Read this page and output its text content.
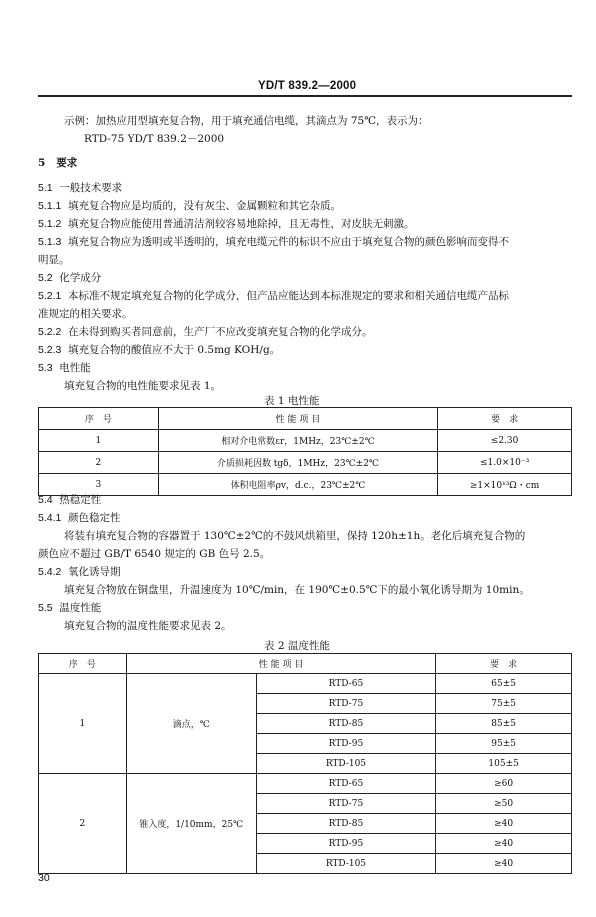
YD/T 839.2—2000
示例：加热应用型填充复合物，用于填充通信电缆，其滴点为 75℃，表示为：
RTD-75 YD/T 839.2－2000
5 要求
5.1 一般技术要求
5.1.1 填充复合物应是均质的，没有灰尘、金属颗粒和其它杂质。
5.1.2 填充复合物应能使用普通清洁剂较容易地除掉，且无毒性，对皮肤无刺激。
5.1.3 填充复合物应为透明或半透明的，填充电缆元件的标识不应由于填充复合物的颜色影响而变得不
明显。
5.2 化学成分
5.2.1 本标准不规定填充复合物的化学成分，但产品应能达到本标准规定的要求和相关通信电缆产品标
准规定的相关要求。
5.2.2 在未得到购买者同意前，生产厂不应改变填充复合物的化学成分。
5.2.3 填充复合物的酸值应不大于 0.5mg KOH/g。
5.3 电性能
填充复合物的电性能要求见表 1。
表 1 电性能
序　号	性 能 项 目	要　求
1	相对介电常数εr，1MHz，23℃±2℃	≤2.30
2	介质损耗因数 tgδ，1MHz，23℃±2℃	≤1.0×10⁻³
3	体积电阻率ρv，d.c.，23℃±2℃	≥1×10¹³Ω・cm
5.4 热稳定性
5.4.1 颜色稳定性
将装有填充复合物的容器置于 130℃±2℃的不鼓风烘箱里，保持 120h±1h。老化后填充复合物的
颜色应不超过 GB/T 6540 规定的 GB 色号 2.5。
5.4.2 氧化诱导期
填充复合物放在铜盘里，升温速度为 10℃/min，在 190℃±0.5℃下的最小氧化诱导期为 10min。
5.5 温度性能
填充复合物的温度性能要求见表 2。
表 2 温度性能
序　号	性 能 项 目		要　求
1	滴点，℃	RTD-65	65±5
		RTD-75	75±5
		RTD-85	85±5
		RTD-95	95±5
		RTD-105	105±5
2	锥入度，1/10mm，25℃	RTD-65	≥60
		RTD-75	≥50
		RTD-85	≥40
		RTD-95	≥40
		RTD-105	≥40
30
